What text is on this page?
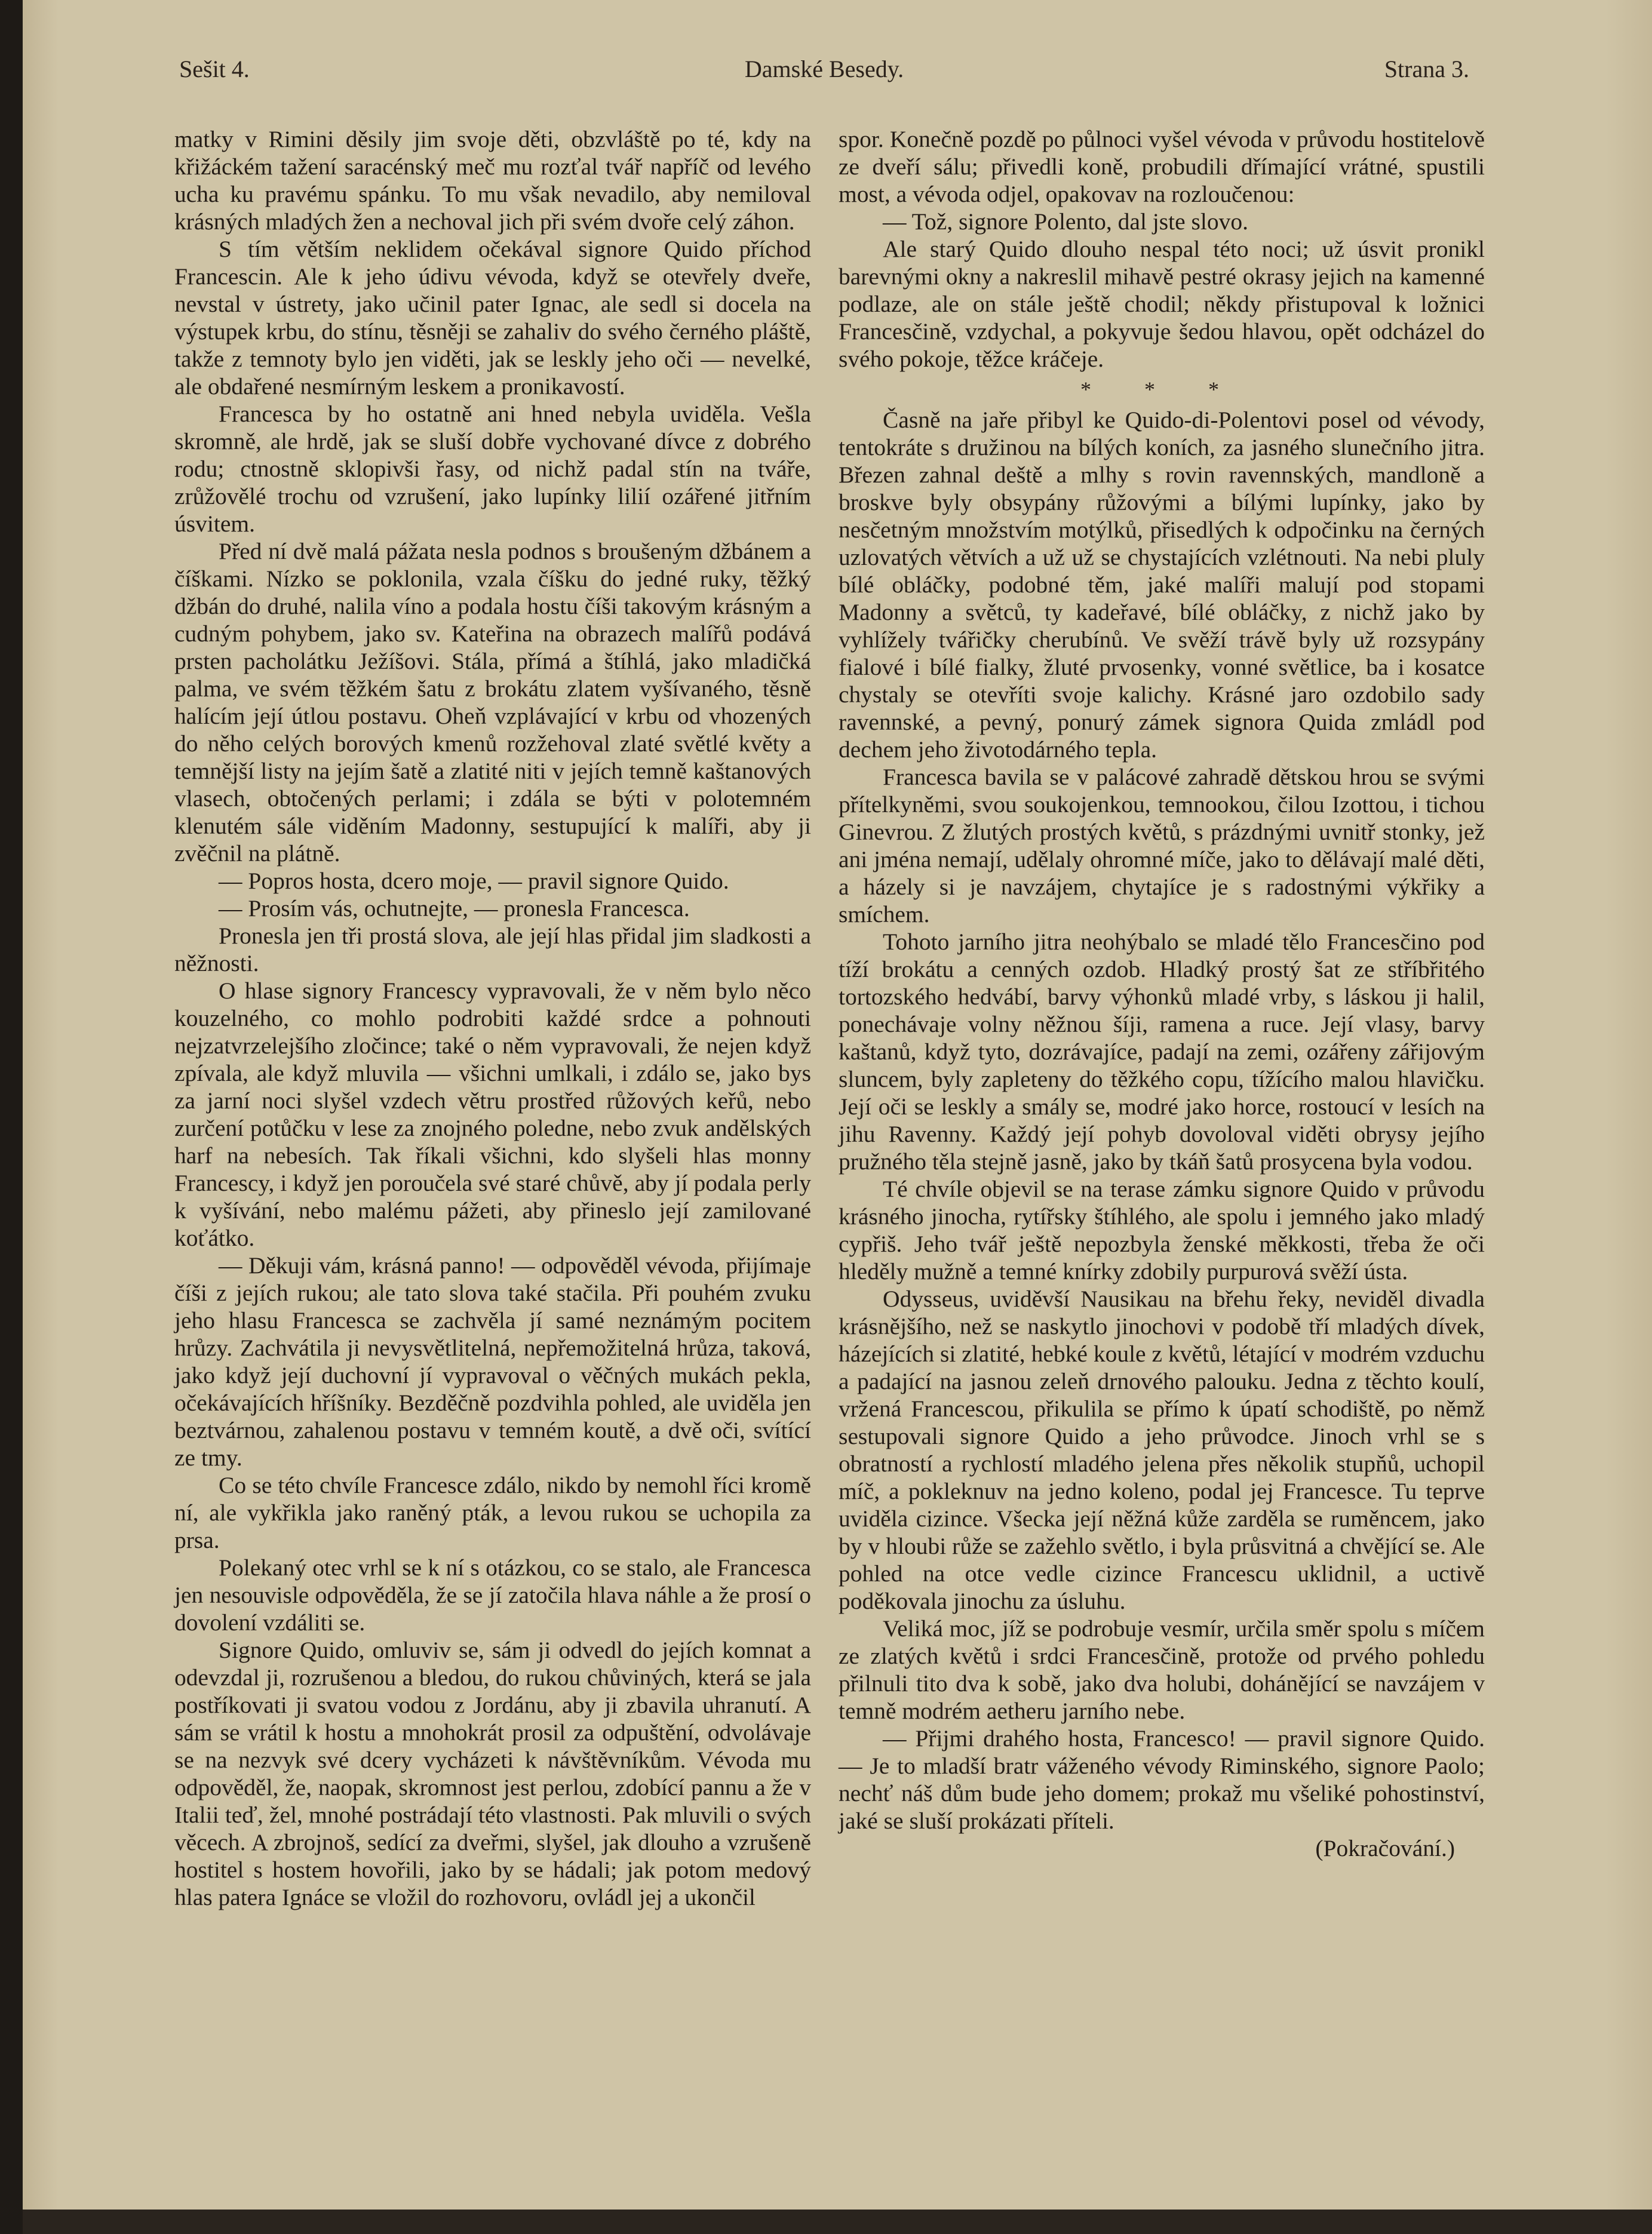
Sešit 4.	Damské Besedy.	Strana 3.

matky v Rimini děsily jim svoje děti, obzvláště po té, kdy na křižáckém tažení saracénský meč mu rozťal tvář napříč od levého ucha ku pravému spánku. To mu však nevadilo, aby nemiloval krásných mladých žen a nechoval jich při svém dvoře celý záhon.

S tím větším neklidem očekával signore Quido příchod Francescin. Ale k jeho údivu vévoda, když se otevřely dveře, nevstal v ústrety, jako učinil pater Ignac, ale sedl si docela na výstupek krbu, do stínu, těsněji se zahaliv do svého černého pláště, takže z temnoty bylo jen viděti, jak se leskly jeho oči — nevelké, ale obdařené nesmírným leskem a pronikavostí.

Francesca by ho ostatně ani hned nebyla uviděla. Vešla skromně, ale hrdě, jak se sluší dobře vychované dívce z dobrého rodu; ctnostně sklopivši řasy, od nichž padal stín na tváře, zrůžovělé trochu od vzrušení, jako lupínky lilií ozářené jitřním úsvitem.

Před ní dvě malá pážata nesla podnos s broušeným džbánem a číškami. Nízko se poklonila, vzala číšku do jedné ruky, těžký džbán do druhé, nalila víno a podala hostu číši takovým krásným a cudným pohybem, jako sv. Kateřina na obrazech malířů podává prsten pacholátku Ježíšovi. Stála, přímá a štíhlá, jako mladičká palma, ve svém těžkém šatu z brokátu zlatem vyšívaného, těsně halícím její útlou postavu. Oheň vzplávající v krbu od vhozených do něho celých borových kmenů rozžehoval zlaté světlé květy a temnější listy na jejím šatě a zlatité niti v jejích temně kaštanových vlasech, obtočených perlami; i zdála se býti v polotemném klenutém sále viděním Madonny, sestupující k malíři, aby ji zvěčnil na plátně.

— Popros hosta, dcero moje, — pravil signore Quido.

— Prosím vás, ochutnejte, — pronesla Francesca.

Pronesla jen tři prostá slova, ale její hlas přidal jim sladkosti a něžnosti.

O hlase signory Francescy vypravovali, že v něm bylo něco kouzelného, co mohlo podrobiti každé srdce a pohnouti nejzatvrzelejšího zločince; také o něm vypravovali, že nejen když zpívala, ale když mluvila — všichni umlkali, i zdálo se, jako bys za jarní noci slyšel vzdech větru prostřed růžových keřů, nebo zurčení potůčku v lese za znojného poledne, nebo zvuk andělských harf na nebesích. Tak říkali všichni, kdo slyšeli hlas monny Francescy, i když jen poroučela své staré chůvě, aby jí podala perly k vyšívání, nebo malému pážeti, aby přineslo její zamilované koťátko.

— Děkuji vám, krásná panno! — odpověděl vévoda, přijímaje číši z jejích rukou; ale tato slova také stačila. Při pouhém zvuku jeho hlasu Francesca se zachvěla jí samé neznámým pocitem hrůzy. Zachvátila ji nevysvětlitelná, nepřemožitelná hrůza, taková, jako když její duchovní jí vypravoval o věčných mukách pekla, očekávajících hříšníky. Bezděčně pozdvihla pohled, ale uviděla jen beztvárnou, zahalenou postavu v temném koutě, a dvě oči, svítící ze tmy.

Co se této chvíle Francesce zdálo, nikdo by nemohl říci kromě ní, ale vykřikla jako raněný pták, a levou rukou se uchopila za prsa.

Polekaný otec vrhl se k ní s otázkou, co se stalo, ale Francesca jen nesouvisle odpověděla, že se jí zatočila hlava náhle a že prosí o dovolení vzdáliti se.

Signore Quido, omluviv se, sám ji odvedl do jejích komnat a odevzdal ji, rozrušenou a bledou, do rukou chůviných, která se jala postříkovati ji svatou vodou z Jordánu, aby ji zbavila uhranutí. A sám se vrátil k hostu a mnohokrát prosil za odpuštění, odvolávaje se na nezvyk své dcery vycházeti k návštěvníkům. Vévoda mu odpověděl, že, naopak, skromnost jest perlou, zdobící pannu a že v Italii teď, žel, mnohé postrádají této vlastnosti. Pak mluvili o svých věcech. A zbrojnoš, sedící za dveřmi, slyšel, jak dlouho a vzrušeně hostitel s hostem hovořili, jako by se hádali; jak potom medový hlas patera Ignáce se vložil do rozhovoru, ovládl jej a ukončil

spor. Konečně pozdě po půlnoci vyšel vévoda v průvodu hostitelově ze dveří sálu; přivedli koně, probudili dřímající vrátné, spustili most, a vévoda odjel, opakovav na rozloučenou:

— Tož, signore Polento, dal jste slovo.

Ale starý Quido dlouho nespal této noci; už úsvit pronikl barevnými okny a nakreslil mihavě pestré okrasy jejich na kamenné podlaze, ale on stále ještě chodil; někdy přistupoval k ložnici Francesčině, vzdychal, a pokyvuje šedou hlavou, opět odcházel do svého pokoje, těžce kráčeje.

* * *

Časně na jaře přibyl ke Quido-di-Polentovi posel od vévody, tentokráte s družinou na bílých koních, za jasného slunečního jitra. Březen zahnal deště a mlhy s rovin ravennských, mandloně a broskve byly obsypány růžovými a bílými lupínky, jako by nesčetným množstvím motýlků, přisedlých k odpočinku na černých uzlovatých větvích a už už se chystajících vzlétnouti. Na nebi pluly bílé obláčky, podobné těm, jaké malíři malují pod stopami Madonny a světců, ty kadeřavé, bílé obláčky, z nichž jako by vyhlížely tvářičky cherubínů. Ve svěží trávě byly už rozsypány fialové i bílé fialky, žluté prvosenky, vonné světlice, ba i kosatce chystaly se otevříti svoje kalichy. Krásné jaro ozdobilo sady ravennské, a pevný, ponurý zámek signora Quida zmládl pod dechem jeho životodárného tepla.

Francesca bavila se v palácové zahradě dětskou hrou se svými přítelkyněmi, svou soukojenkou, temnookou, čilou Izottou, i tichou Ginevrou. Z žlutých prostých květů, s prázdnými uvnitř stonky, jež ani jména nemají, udělaly ohromné míče, jako to dělávají malé děti, a házely si je navzájem, chytajíce je s radostnými výkřiky a smíchem.

Tohoto jarního jitra neohýbalo se mladé tělo Francesčino pod tíží brokátu a cenných ozdob. Hladký prostý šat ze stříbřitého tortozského hedvábí, barvy výhonků mladé vrby, s láskou ji halil, ponechávaje volny něžnou šíji, ramena a ruce. Její vlasy, barvy kaštanů, když tyto, dozrávajíce, padají na zemi, ozářeny zářijovým sluncem, byly zapleteny do těžkého copu, tížícího malou hlavičku. Její oči se leskly a smály se, modré jako horce, rostoucí v lesích na jihu Ravenny. Každý její pohyb dovoloval viděti obrysy jejího pružného těla stejně jasně, jako by tkáň šatů prosycena byla vodou.

Té chvíle objevil se na terase zámku signore Quido v průvodu krásného jinocha, rytířsky štíhlého, ale spolu i jemného jako mladý cypřiš. Jeho tvář ještě nepozbyla ženské měkkosti, třeba že oči hleděly mužně a temné knírky zdobily purpurová svěží ústa.

Odysseus, uviděvší Nausikau na břehu řeky, neviděl divadla krásnějšího, než se naskytlo jinochovi v podobě tří mladých dívek, házejících si zlatité, hebké koule z květů, létající v modrém vzduchu a padající na jasnou zeleň drnového palouku. Jedna z těchto koulí, vržená Francescou, přikulila se přímo k úpatí schodiště, po němž sestupovali signore Quido a jeho průvodce. Jinoch vrhl se s obratností a rychlostí mladého jelena přes několik stupňů, uchopil míč, a pokleknuv na jedno koleno, podal jej Francesce. Tu teprve uviděla cizince. Všecka její něžná kůže zarděla se ruměncem, jako by v hloubi růže se zažehlo světlo, i byla průsvitná a chvějící se. Ale pohled na otce vedle cizince Francescu uklidnil, a uctivě poděkovala jinochu za úsluhu.

Veliká moc, jíž se podrobuje vesmír, určila směr spolu s míčem ze zlatých květů i srdci Francesčině, protože od prvého pohledu přilnuli tito dva k sobě, jako dva holubi, dohánějící se navzájem v temně modrém aetheru jarního nebe.

— Přijmi drahého hosta, Francesco! — pravil signore Quido. — Je to mladší bratr váženého vévody Riminského, signore Paolo; nechť náš dům bude jeho domem; prokaž mu všeliké pohostinství, jaké se sluší prokázati příteli.

(Pokračování.)
